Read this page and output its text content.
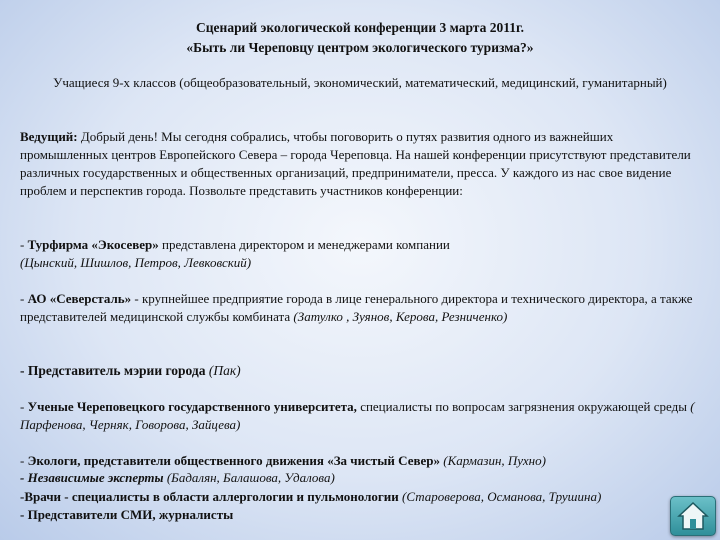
Сценарий экологической конференции 3 марта 2011г.
«Быть ли Череповцу центром экологического туризма?»
Учащиеся 9-х классов (общеобразовательный, экономический, математический, медицинский, гуманитарный)
Ведущий: Добрый день! Мы сегодня собрались, чтобы поговорить о путях развития одного из важнейших промышленных центров Европейского Севера – города Череповца. На нашей конференции присутствуют представители различных государственных и общественных организаций, предприниматели, пресса. У каждого из нас свое видение проблем и перспектив города. Позвольте представить участников конференции:
- Турфирма «Экосевер» представлена директором и менеджерами компании
(Цынский, Шишлов, Петров, Левковский)
- АО «Северсталь» - крупнейшее предприятие города в лице генерального директора и технического директора, а также представителей медицинской службы комбината (Затулко , Зуянов, Керова, Резниченко)
- Представитель мэрии города (Пак)
- Ученые Череповецкого государственного университета, специалисты по вопросам загрязнения окружающей среды ( Парфенова, Черняк, Говорова, Зайцева)
- Экологи, представители общественного движения «За чистый Север» (Кармазин, Пухно)
- Независимые эксперты (Бадалян, Балашова, Удалова)
-Врачи - специалисты в области аллергологии и пульмонологии (Староверова, Османова, Трушина)
- Представители СМИ, журналисты
